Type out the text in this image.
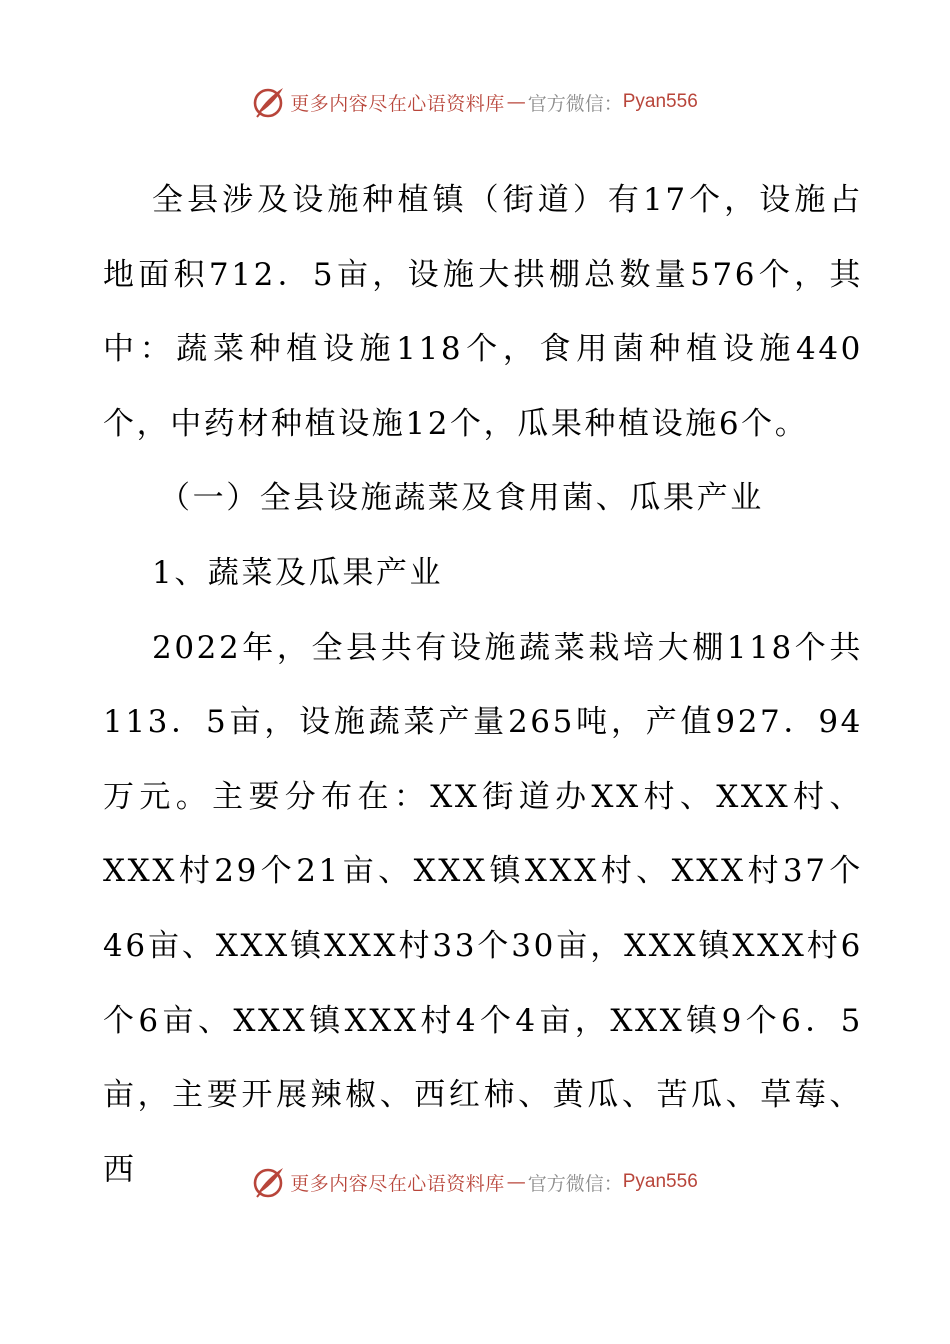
更多内容尽在心语资料库 — 官方微信： Pyan556

全县涉及设施种植镇（街道）有17个，设施占地面积712．5亩，设施大拱棚总数量576个，其中：蔬菜种植设施118个，食用菌种植设施440个，中药材种植设施12个，瓜果种植设施6个。

（一）全县设施蔬菜及食用菌、瓜果产业

1、蔬菜及瓜果产业

2022年，全县共有设施蔬菜栽培大棚118个共113．5亩，设施蔬菜产量265吨，产值927．94万元。主要分布在：XX街道办XX村、XXX村、XXX村29个21亩、XXX镇XXX村、XXX村37个46亩、XXX镇XXX村33个30亩，XXX镇XXX村6个6亩、XXX镇XXX村4个4亩，XXX镇9个6．5亩，主要开展辣椒、西红柿、黄瓜、苦瓜、草莓、西	更多内容尽在心语资料库 — 官方微信： Pyan556
